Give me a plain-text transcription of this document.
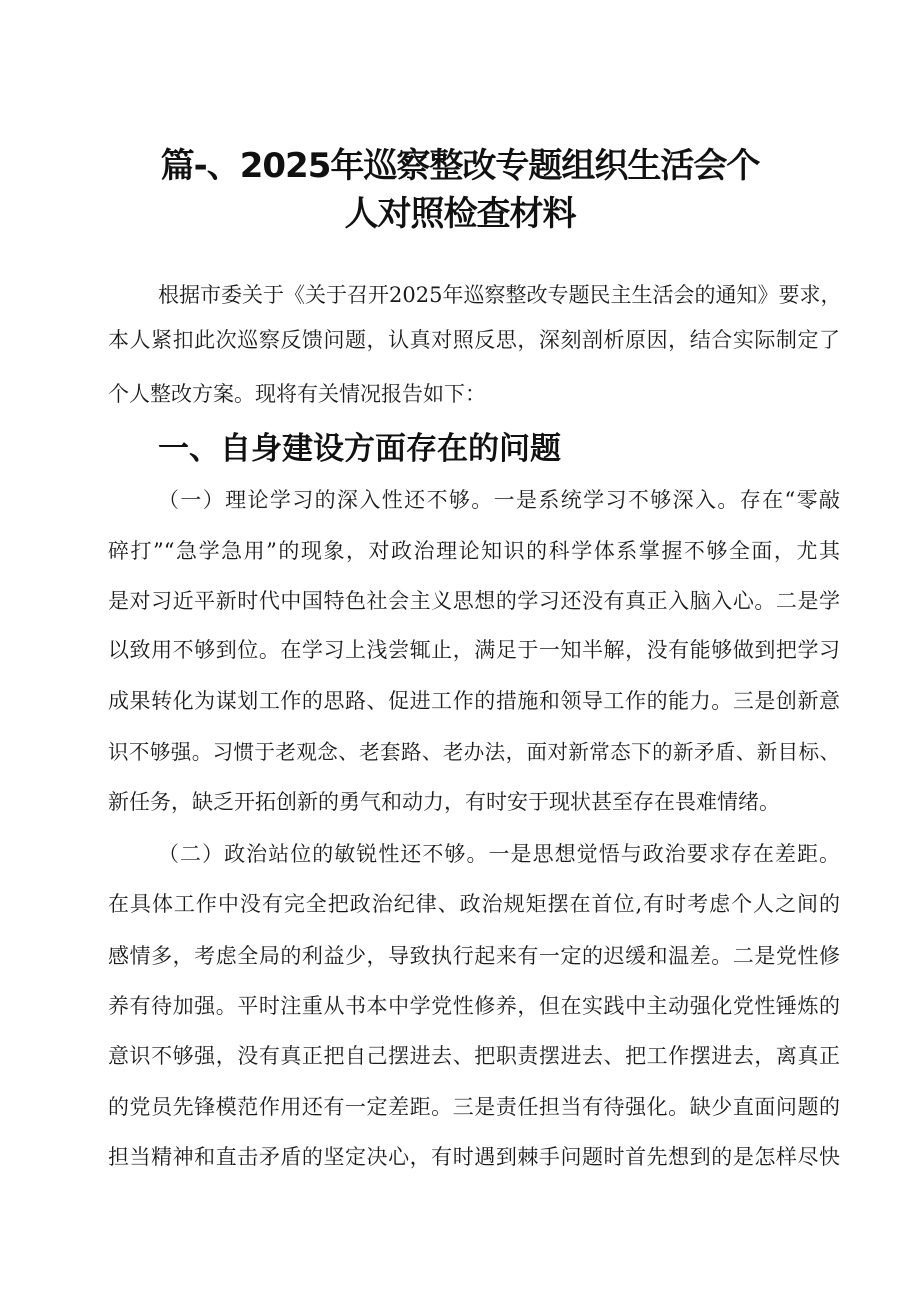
篇-、2025年巡察整改专题组织生活会个
人对照检查材料
根据市委关于《关于召开2025年巡察整改专题民主生活会的通知》要求，
本人紧扣此次巡察反馈问题，认真对照反思，深刻剖析原因，结合实际制定了
个人整改方案。现将有关情况报告如下：
一、自身建设方面存在的问题
（一）理论学习的深入性还不够。一是系统学习不够深入。存在“零敲
碎打”“急学急用”的现象，对政治理论知识的科学体系掌握不够全面，尤其
是对习近平新时代中国特色社会主义思想的学习还没有真正入脑入心。二是学
以致用不够到位。在学习上浅尝辄止，满足于一知半解，没有能够做到把学习
成果转化为谋划工作的思路、促进工作的措施和领导工作的能力。三是创新意
识不够强。习惯于老观念、老套路、老办法，面对新常态下的新矛盾、新目标、
新任务，缺乏开拓创新的勇气和动力，有时安于现状甚至存在畏难情绪。
（二）政治站位的敏锐性还不够。一是思想觉悟与政治要求存在差距。
在具体工作中没有完全把政治纪律、政治规矩摆在首位,有时考虑个人之间的
感情多，考虑全局的利益少，导致执行起来有一定的迟缓和温差。二是党性修
养有待加强。平时注重从书本中学党性修养，但在实践中主动强化党性锤炼的
意识不够强，没有真正把自己摆进去、把职责摆进去、把工作摆进去，离真正
的党员先锋模范作用还有一定差距。三是责任担当有待强化。缺少直面问题的
担当精神和直击矛盾的坚定决心，有时遇到棘手问题时首先想到的是怎样尽快
